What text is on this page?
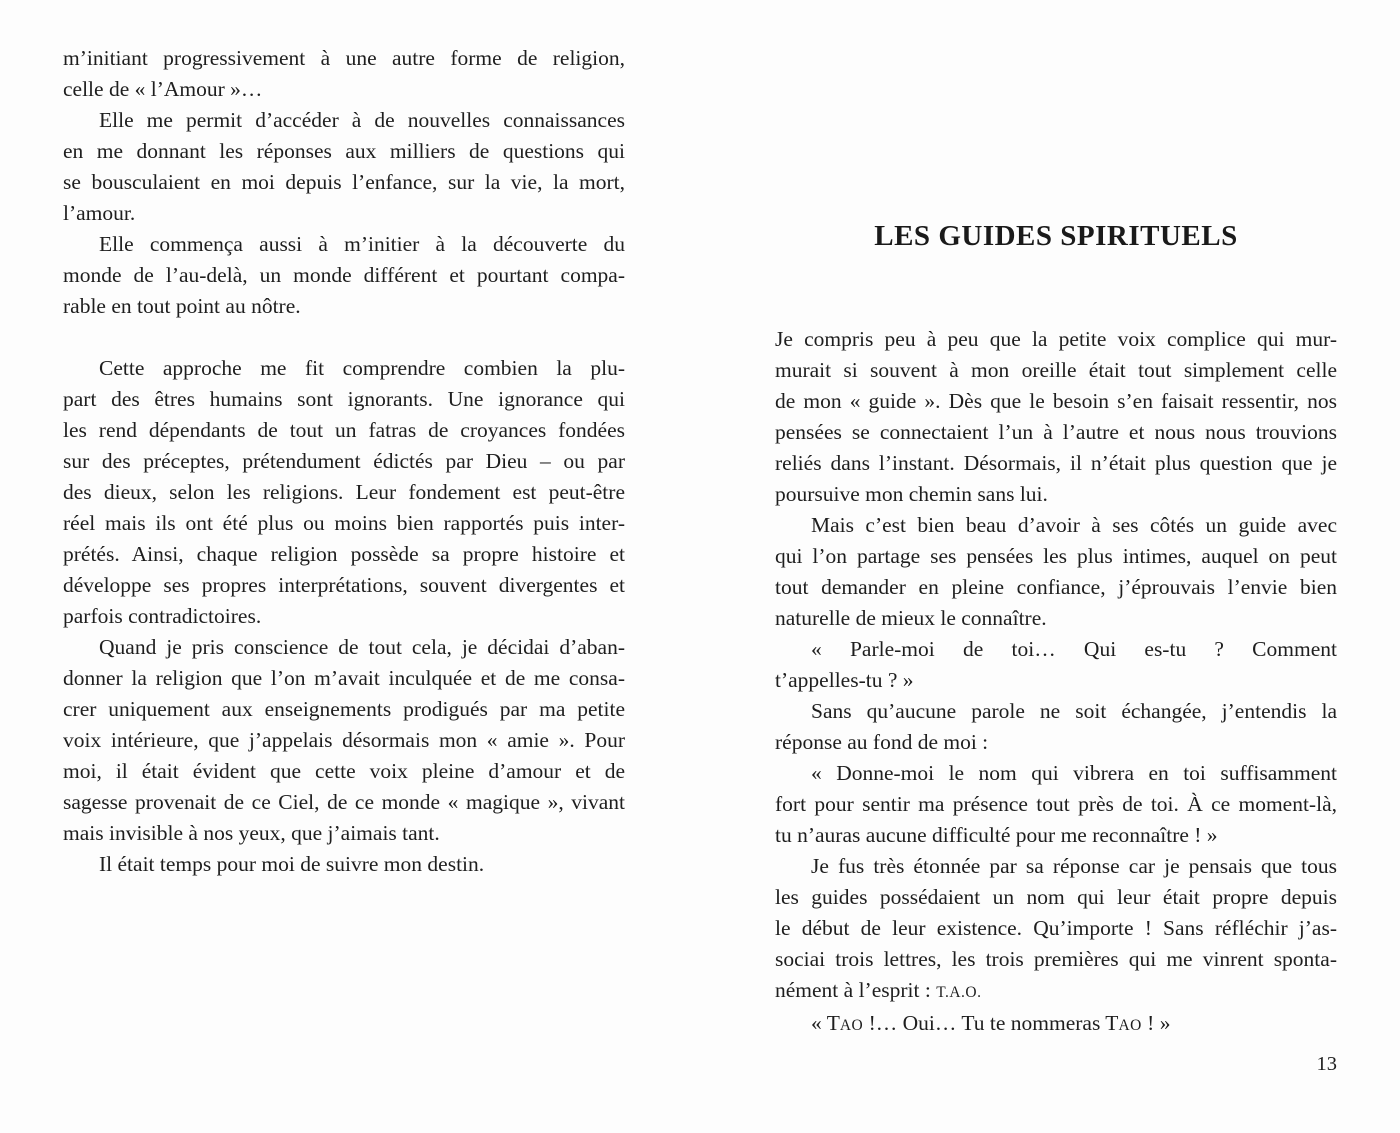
m’initiant progressivement à une autre forme de religion,
celle de « l’Amour »…
Elle me permit d’accéder à de nouvelles connaissances
en me donnant les réponses aux milliers de questions qui
se bousculaient en moi depuis l’enfance, sur la vie, la mort,
l’amour.
Elle commença aussi à m’initier à la découverte du
monde de l’au-delà, un monde différent et pourtant compa-
rable en tout point au nôtre.
Cette approche me fit comprendre combien la plu-
part des êtres humains sont ignorants. Une ignorance qui
les rend dépendants de tout un fatras de croyances fondées
sur des préceptes, prétendument édictés par Dieu – ou par
des dieux, selon les religions. Leur fondement est peut-être
réel mais ils ont été plus ou moins bien rapportés puis inter-
prétés. Ainsi, chaque religion possède sa propre histoire et
développe ses propres interprétations, souvent divergentes et
parfois contradictoires.
Quand je pris conscience de tout cela, je décidai d’aban-
donner la religion que l’on m’avait inculquée et de me consa-
crer uniquement aux enseignements prodigués par ma petite
voix intérieure, que j’appelais désormais mon « amie ». Pour
moi, il était évident que cette voix pleine d’amour et de
sagesse provenait de ce Ciel, de ce monde « magique », vivant
mais invisible à nos yeux, que j’aimais tant.
Il était temps pour moi de suivre mon destin.
LES GUIDES SPIRITUELS
Je compris peu à peu que la petite voix complice qui mur-
murait si souvent à mon oreille était tout simplement celle
de mon « guide ». Dès que le besoin s’en faisait ressentir, nos
pensées se connectaient l’un à l’autre et nous nous trouvions
reliés dans l’instant. Désormais, il n’était plus question que je
poursuive mon chemin sans lui.
Mais c’est bien beau d’avoir à ses côtés un guide avec
qui l’on partage ses pensées les plus intimes, auquel on peut
tout demander en pleine confiance, j’éprouvais l’envie bien
naturelle de mieux le connaître.
« Parle-moi de toi… Qui es-tu ? Comment
t’appelles-tu ? »
Sans qu’aucune parole ne soit échangée, j’entendis la
réponse au fond de moi :
« Donne-moi le nom qui vibrera en toi suffisamment
fort pour sentir ma présence tout près de toi. À ce moment-là,
tu n’auras aucune difficulté pour me reconnaître ! »
Je fus très étonnée par sa réponse car je pensais que tous
les guides possédaient un nom qui leur était propre depuis
le début de leur existence. Qu’importe ! Sans réfléchir j’as-
sociai trois lettres, les trois premières qui me vinrent sponta-
nément à l’esprit : T.A.O.
« TAO !… Oui… Tu te nommeras TAO ! »
13
